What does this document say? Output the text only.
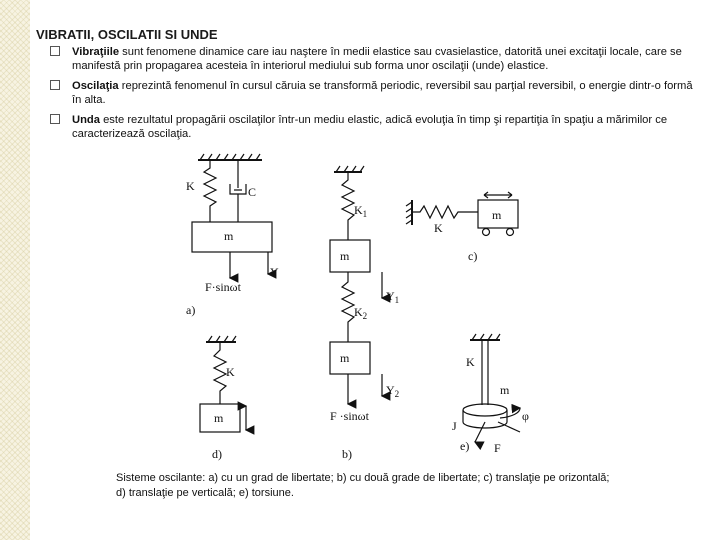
VIBRATII, OSCILATII SI UNDE
Vibraţiile sunt fenomene dinamice care iau naştere în medii elastice sau cvasielastice, datorită unei excitaţii locale, care se manifestă prin propagarea acesteia în interiorul mediului sub forma unor oscilaţii (unde) elastice.
Oscilaţia reprezintă fenomenul în cursul căruia se transformă periodic, reversibil sau parţial reversibil, o energie dintr-o formă în alta.
Unda este rezultatul propagării oscilaţilor într-un mediu elastic, adică evoluţia în timp şi repartiţia în spaţiu a mărimilor ce caracterizează oscilaţia.
K	C
m
F·sinωt
Y
a)
$K_1$
m
$Y_1$
$K_2$
m
$Y_2$
F ·sinωt
b)
m
K
c)
K
m
d)
K
m
J
F
φ
e)
Sisteme oscilante: a) cu un grad de libertate; b) cu două grade de libertate; c) translaţie pe orizontală;
d) translaţie pe verticală; e) torsiune.
